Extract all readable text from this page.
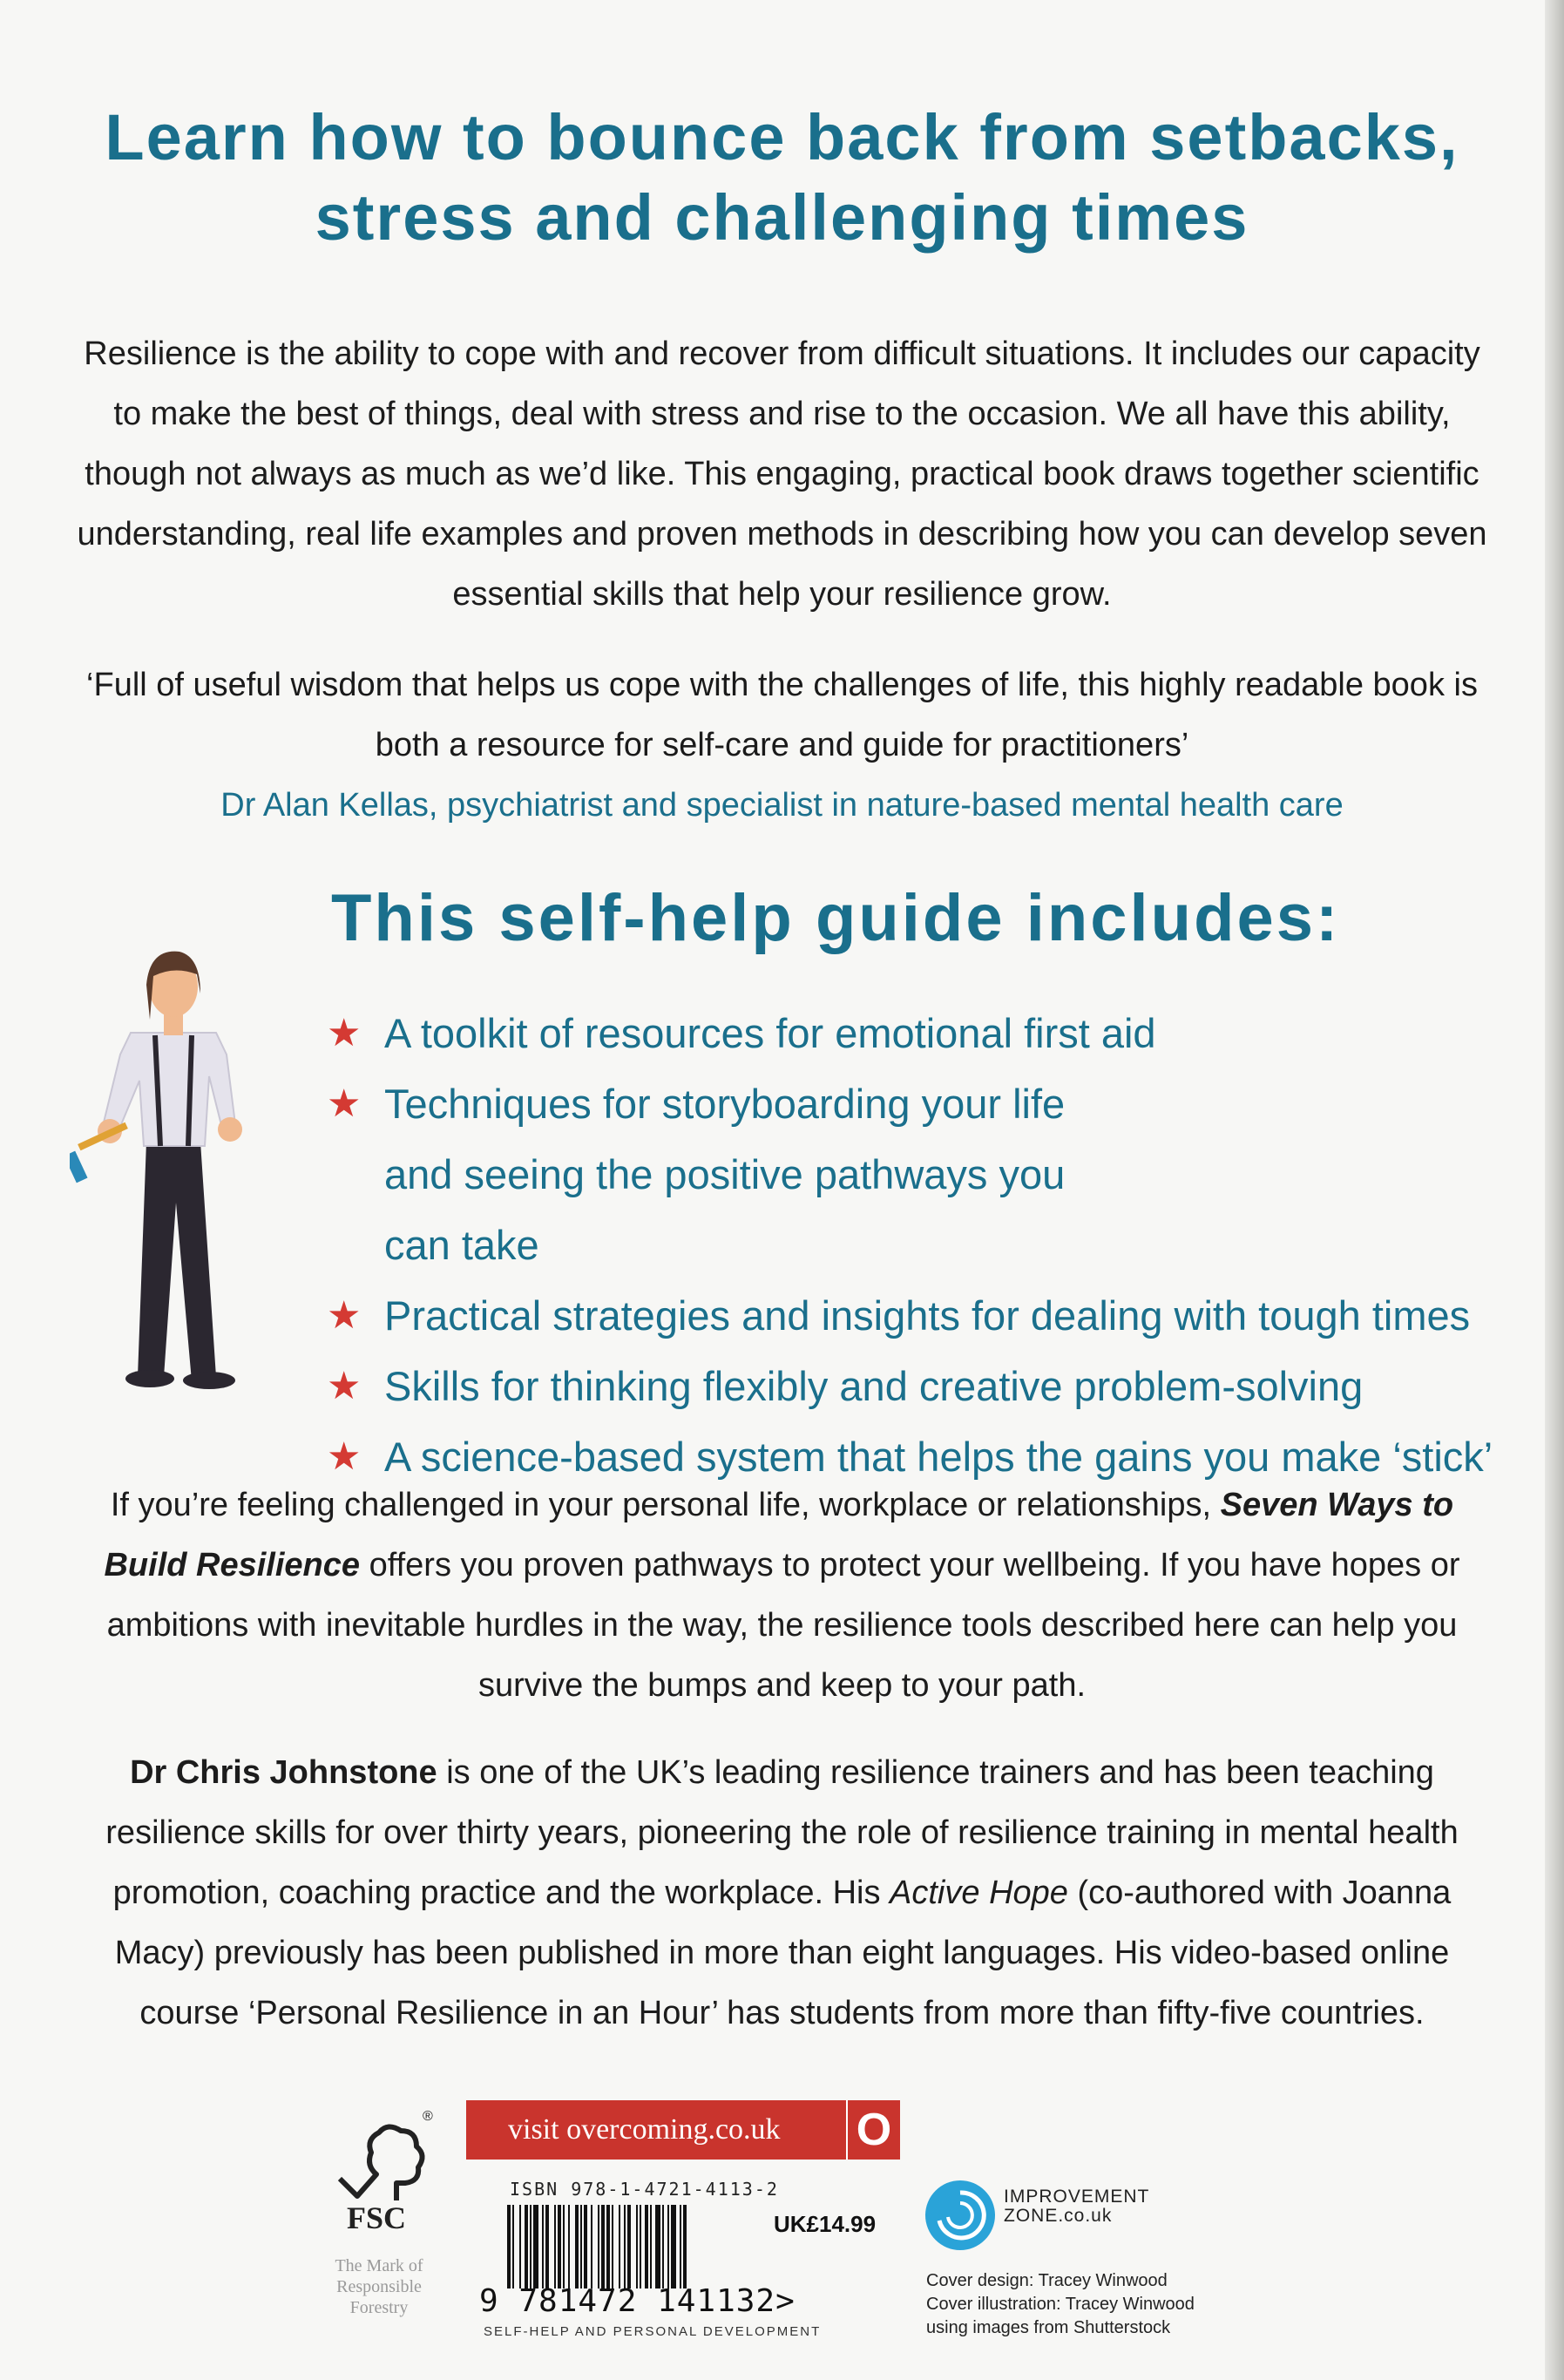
Learn how to bounce back from setbacks,
stress and challenging times
Resilience is the ability to cope with and recover from difficult situations. It includes our capacity
to make the best of things, deal with stress and rise to the occasion. We all have this ability,
though not always as much as we’d like. This engaging, practical book draws together scientific
understanding, real life examples and proven methods in describing how you can develop seven
essential skills that help your resilience grow.
‘Full of useful wisdom that helps us cope with the challenges of life, this highly readable book is
both a resource for self-care and guide for practitioners’
Dr Alan Kellas, psychiatrist and specialist in nature-based mental health care
This self-help guide includes:
★ A toolkit of resources for emotional first aid
★ Techniques for storyboarding your life and seeing the positive pathways you can take
★ Practical strategies and insights for dealing with tough times
★ Skills for thinking flexibly and creative problem-solving
★ A science-based system that helps the gains you make ‘stick’
If you’re feeling challenged in your personal life, workplace or relationships, Seven Ways to Build Resilience offers you proven pathways to protect your wellbeing. If you have hopes or ambitions with inevitable hurdles in the way, the resilience tools described here can help you survive the bumps and keep to your path.
Dr Chris Johnstone is one of the UK’s leading resilience trainers and has been teaching resilience skills for over thirty years, pioneering the role of resilience training in mental health promotion, coaching practice and the workplace. His Active Hope (co-authored with Joanna Macy) previously has been published in more than eight languages. His video-based online course ‘Personal Resilience in an Hour’ has students from more than fifty-five countries.
®
FSC
The Mark of
Responsible
Forestry
visit overcoming.co.uk	O
ISBN 978-1-4721-4113-2
9 781472 141132>
SELF-HELP AND PERSONAL DEVELOPMENT
UK£14.99
IMPROVEMENT
ZONE.co.uk
Cover design: Tracey Winwood
Cover illustration: Tracey Winwood
using images from Shutterstock
